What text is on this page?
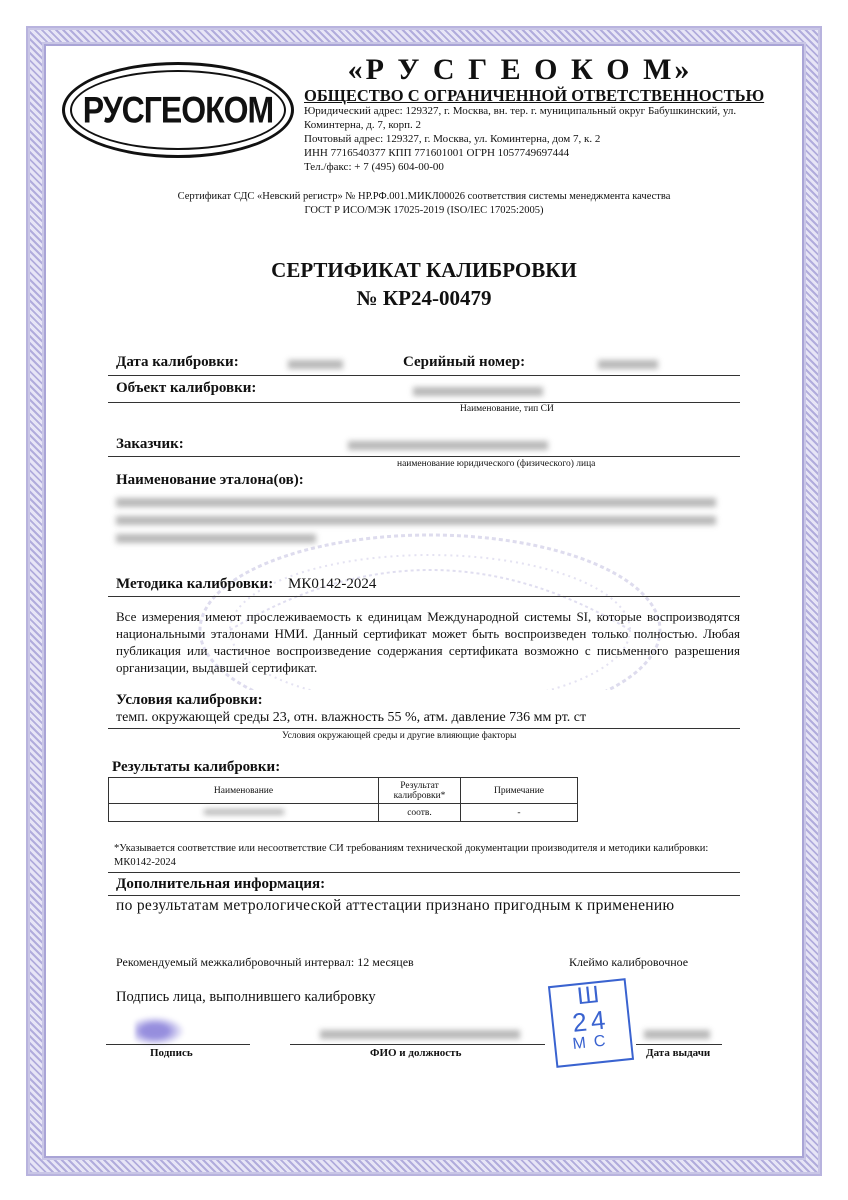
РУСГЕОКОМ
«Р У С Г Е О К О М»
ОБЩЕСТВО С ОГРАНИЧЕННОЙ ОТВЕТСТВЕННОСТЬЮ
Юридический адрес: 129327, г. Москва, вн. тер. г. муниципальный округ Бабушкинский, ул. Коминтерна, д. 7, корп. 2
Почтовый адрес: 129327, г. Москва, ул. Коминтерна, дом 7, к. 2
ИНН 7716540377 КПП 771601001 ОГРН 1057749697444
Тел./факс: + 7 (495) 604-00-00
Сертификат СДС «Невский регистр» № НР.РФ.001.МИКЛ00026 соответствия системы менеджмента качества
ГОСТ Р ИСО/МЭК 17025-2019 (ISO/IEC 17025:2005)
СЕРТИФИКАТ КАЛИБРОВКИ
№ КР24-00479
Дата калибровки:	Серийный номер:
Объект калибровки:
Наименование, тип СИ
Заказчик:
наименование юридического (физического) лица
Наименование эталона(ов):
Методика калибровки: МК0142-2024
Все измерения имеют прослеживаемость к единицам Международной системы SI, которые воспроизводятся национальными эталонами НМИ. Данный сертификат может быть воспроизведен только полностью. Любая публикация или частичное воспроизведение содержания сертификата возможно с письменного разрешения организации, выдавшей сертификат.
Условия калибровки:
темп. окружающей среды 23, отн. влажность 55 %, атм. давление 736 мм рт. ст
Условия окружающей среды и другие влияющие факторы
Результаты калибровки:
Наименование	Результат калибровки*	Примечание

	соотв.	-
*Указывается соответствие или несоответствие СИ требованиям технической документации производителя и методики калибровки: МК0142-2024
Дополнительная информация:
по результатам метрологической аттестации признано пригодным к применению
Рекомендуемый межкалибровочный интервал: 12 месяцев	Клеймо калибровочное
Подпись лица, выполнившего калибровку
Подпись	ФИО и должность	Дата выдачи
Ш
24
МС
